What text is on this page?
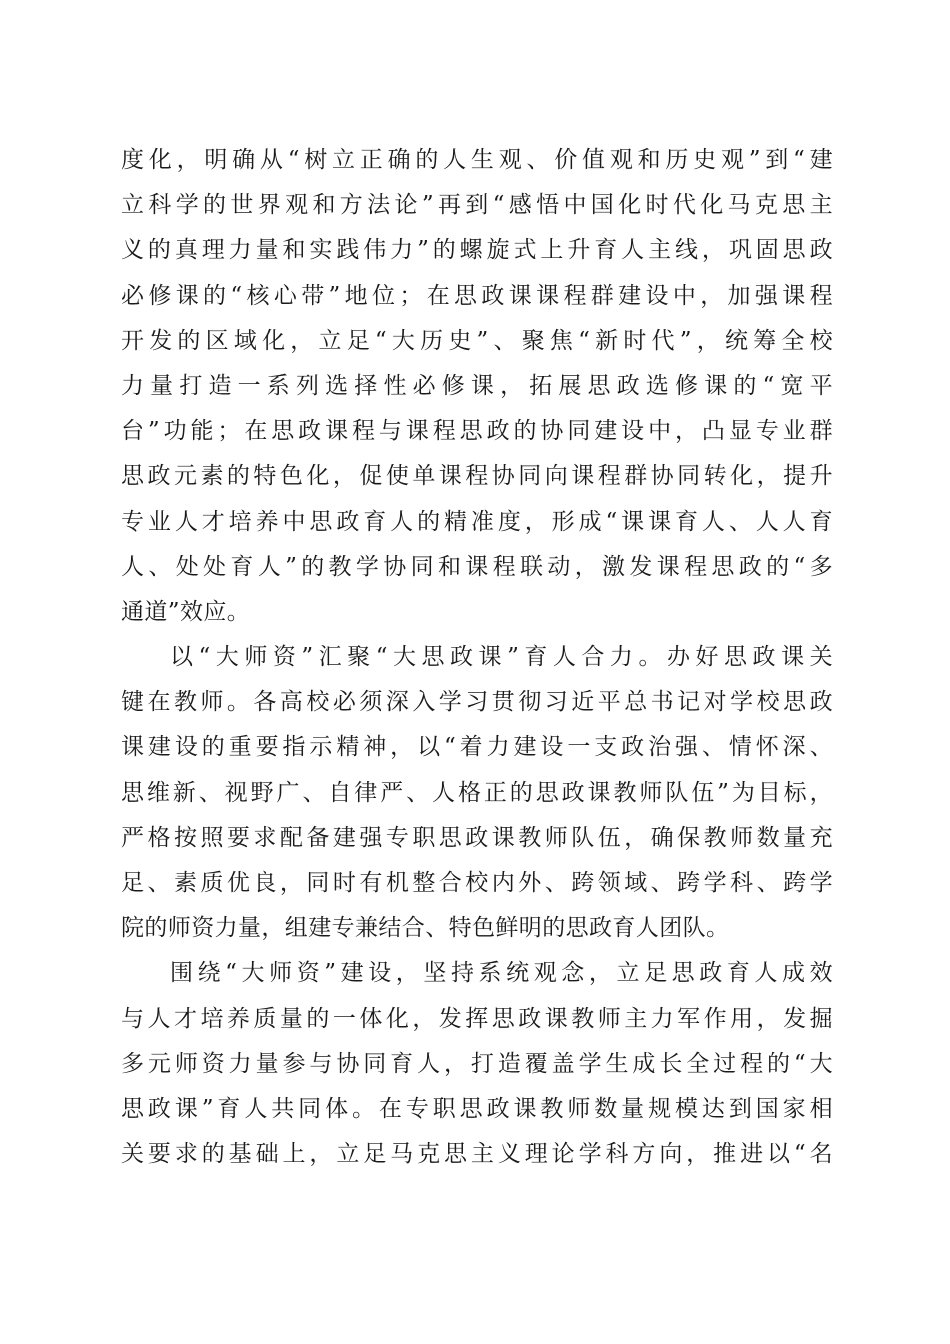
度化，明确从“树立正确的人生观、价值观和历史观”到“建
立科学的世界观和方法论”再到“感悟中国化时代化马克思主
义的真理力量和实践伟力”的螺旋式上升育人主线，巩固思政
必修课的“核心带”地位；在思政课课程群建设中，加强课程
开发的区域化，立足“大历史”、聚焦“新时代”，统筹全校
力量打造一系列选择性必修课，拓展思政选修课的“宽平
台”功能；在思政课程与课程思政的协同建设中，凸显专业群
思政元素的特色化，促使单课程协同向课程群协同转化，提升
专业人才培养中思政育人的精准度，形成“课课育人、人人育
人、处处育人”的教学协同和课程联动，激发课程思政的“多
通道”效应。
以“大师资”汇聚“大思政课”育人合力。办好思政课关
键在教师。各高校必须深入学习贯彻习近平总书记对学校思政
课建设的重要指示精神，以“着力建设一支政治强、情怀深、
思维新、视野广、自律严、人格正的思政课教师队伍”为目标，
严格按照要求配备建强专职思政课教师队伍，确保教师数量充
足、素质优良，同时有机整合校内外、跨领域、跨学科、跨学
院的师资力量，组建专兼结合、特色鲜明的思政育人团队。
围绕“大师资”建设，坚持系统观念，立足思政育人成效
与人才培养质量的一体化，发挥思政课教师主力军作用，发掘
多元师资力量参与协同育人，打造覆盖学生成长全过程的“大
思政课”育人共同体。在专职思政课教师数量规模达到国家相
关要求的基础上，立足马克思主义理论学科方向，推进以“名
